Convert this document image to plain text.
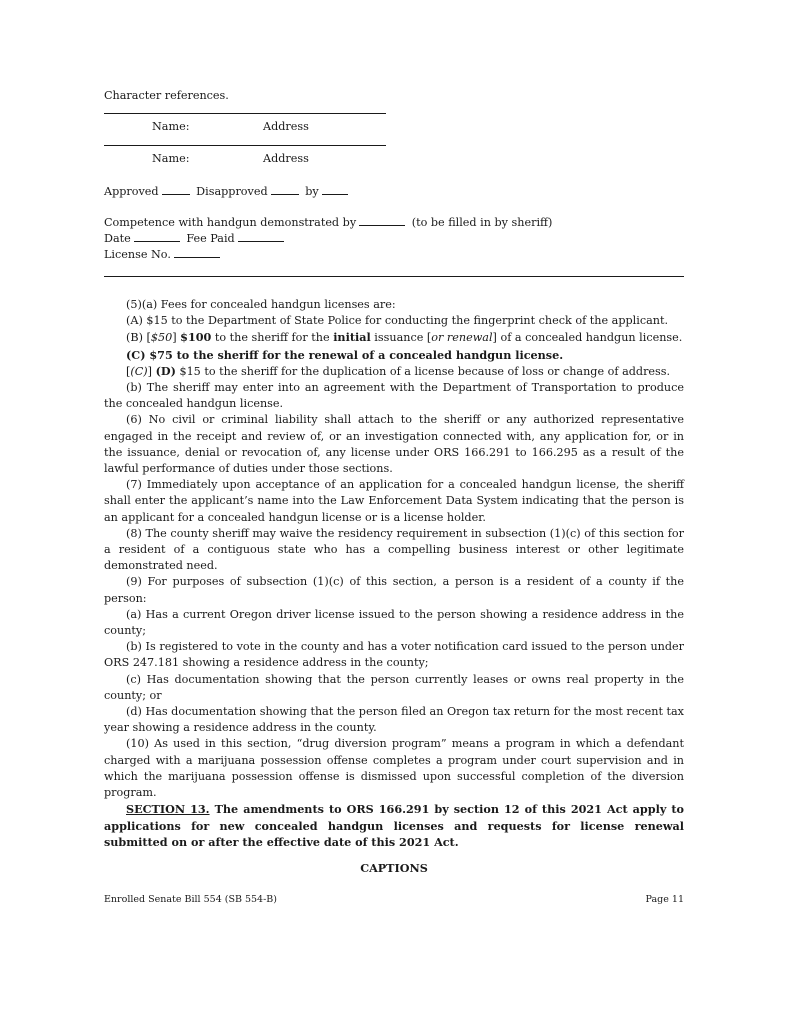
Character references.
Name:	Address
Name:	Address
Approved	Disapproved	by
Competence with handgun demonstrated by	(to be filled in by sheriff)
Date	Fee Paid
License No.

(5)(a) Fees for concealed handgun licenses are:

(A) $15 to the Department of State Police for conducting the fingerprint check of the applicant.

(B) [$50] $100 to the sheriff for the initial issuance [or renewal] of a concealed handgun license.

(C) $75 to the sheriff for the renewal of a concealed handgun license.

[(C)] (D) $15 to the sheriff for the duplication of a license because of loss or change of address.

(b) The sheriff may enter into an agreement with the Department of Transportation to produce the concealed handgun license.

(6) No civil or criminal liability shall attach to the sheriff or any authorized representative engaged in the receipt and review of, or an investigation connected with, any application for, or in the issuance, denial or revocation of, any license under ORS 166.291 to 166.295 as a result of the lawful performance of duties under those sections.

(7) Immediately upon acceptance of an application for a concealed handgun license, the sheriff shall enter the applicant’s name into the Law Enforcement Data System indicating that the person is an applicant for a concealed handgun license or is a license holder.

(8) The county sheriff may waive the residency requirement in subsection (1)(c) of this section for a resident of a contiguous state who has a compelling business interest or other legitimate demonstrated need.

(9) For purposes of subsection (1)(c) of this section, a person is a resident of a county if the person:

(a) Has a current Oregon driver license issued to the person showing a residence address in the county;

(b) Is registered to vote in the county and has a voter notification card issued to the person under ORS 247.181 showing a residence address in the county;

(c) Has documentation showing that the person currently leases or owns real property in the county; or

(d) Has documentation showing that the person filed an Oregon tax return for the most recent tax year showing a residence address in the county.

(10) As used in this section, “drug diversion program” means a program in which a defendant charged with a marijuana possession offense completes a program under court supervision and in which the marijuana possession offense is dismissed upon successful completion of the diversion program.

SECTION 13. The amendments to ORS 166.291 by section 12 of this 2021 Act apply to applications for new concealed handgun licenses and requests for license renewal submitted on or after the effective date of this 2021 Act.

CAPTIONS
Enrolled Senate Bill 554 (SB 554-B)	Page 11
